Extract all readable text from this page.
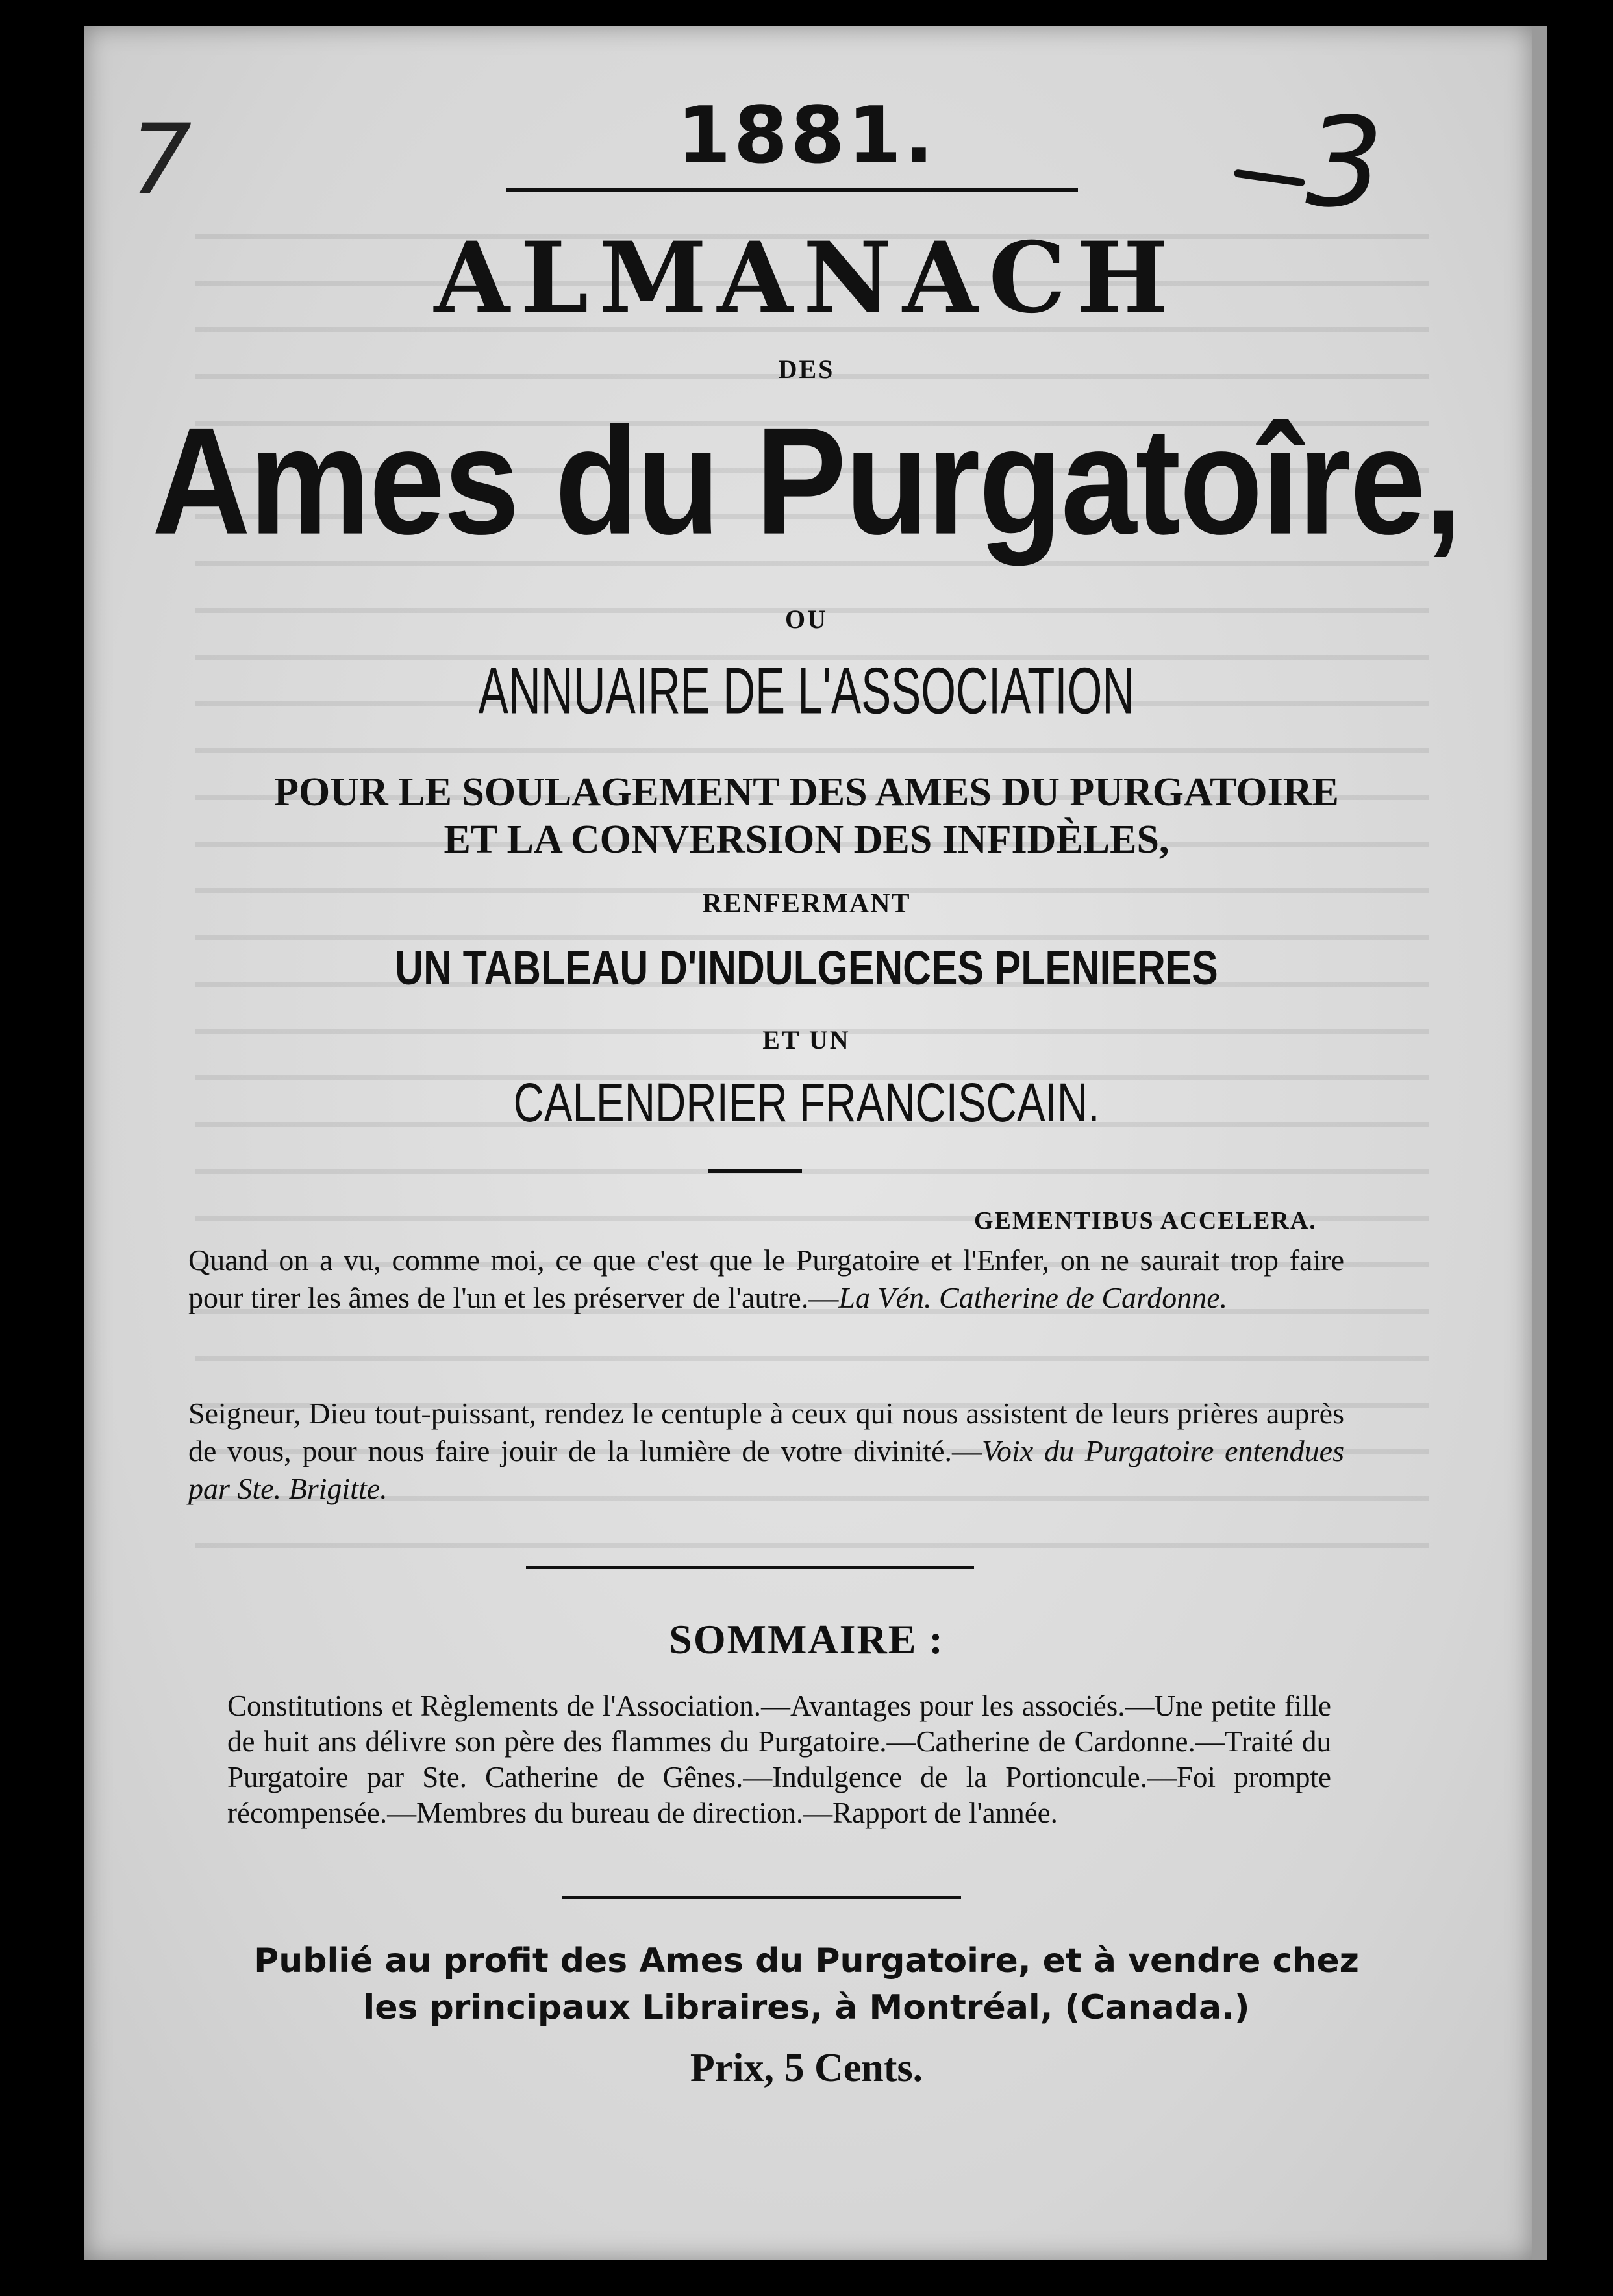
7	3
1881.
ALMANACH
DES
Ames du Purgatoîre,
OU
ANNUAIRE DE L'ASSOCIATION
POUR LE SOULAGEMENT DES AMES DU PURGATOIRE
ET LA CONVERSION DES INFIDÈLES,
RENFERMANT
UN TABLEAU D'INDULGENCES PLENIERES
ET UN
CALENDRIER FRANCISCAIN.
GEMENTIBUS ACCELERA.

Quand on a vu, comme moi, ce que c'est que le Purgatoire et l'Enfer, on ne saurait trop faire pour tirer les âmes de l'un et les préserver de l'autre.—La Vén. Catherine de Cardonne.

Seigneur, Dieu tout-puissant, rendez le centuple à ceux qui nous assistent de leurs prières auprès de vous, pour nous faire jouir de la lumière de votre divinité.—Voix du Purgatoire entendues par Ste. Brigitte.

SOMMAIRE :

Constitutions et Règlements de l'Association.—Avantages pour les associés.—Une petite fille de huit ans délivre son père des flammes du Purgatoire.—Catherine de Cardonne.—Traité du Purgatoire par Ste. Catherine de Gênes.—Indulgence de la Portioncule.—Foi prompte récompensée.—Membres du bureau de direction.—Rapport de l'année.

Publié au profit des Ames du Purgatoire, et à vendre chez
les principaux Libraires, à Montréal, (Canada.)
Prix, 5 Cents.
